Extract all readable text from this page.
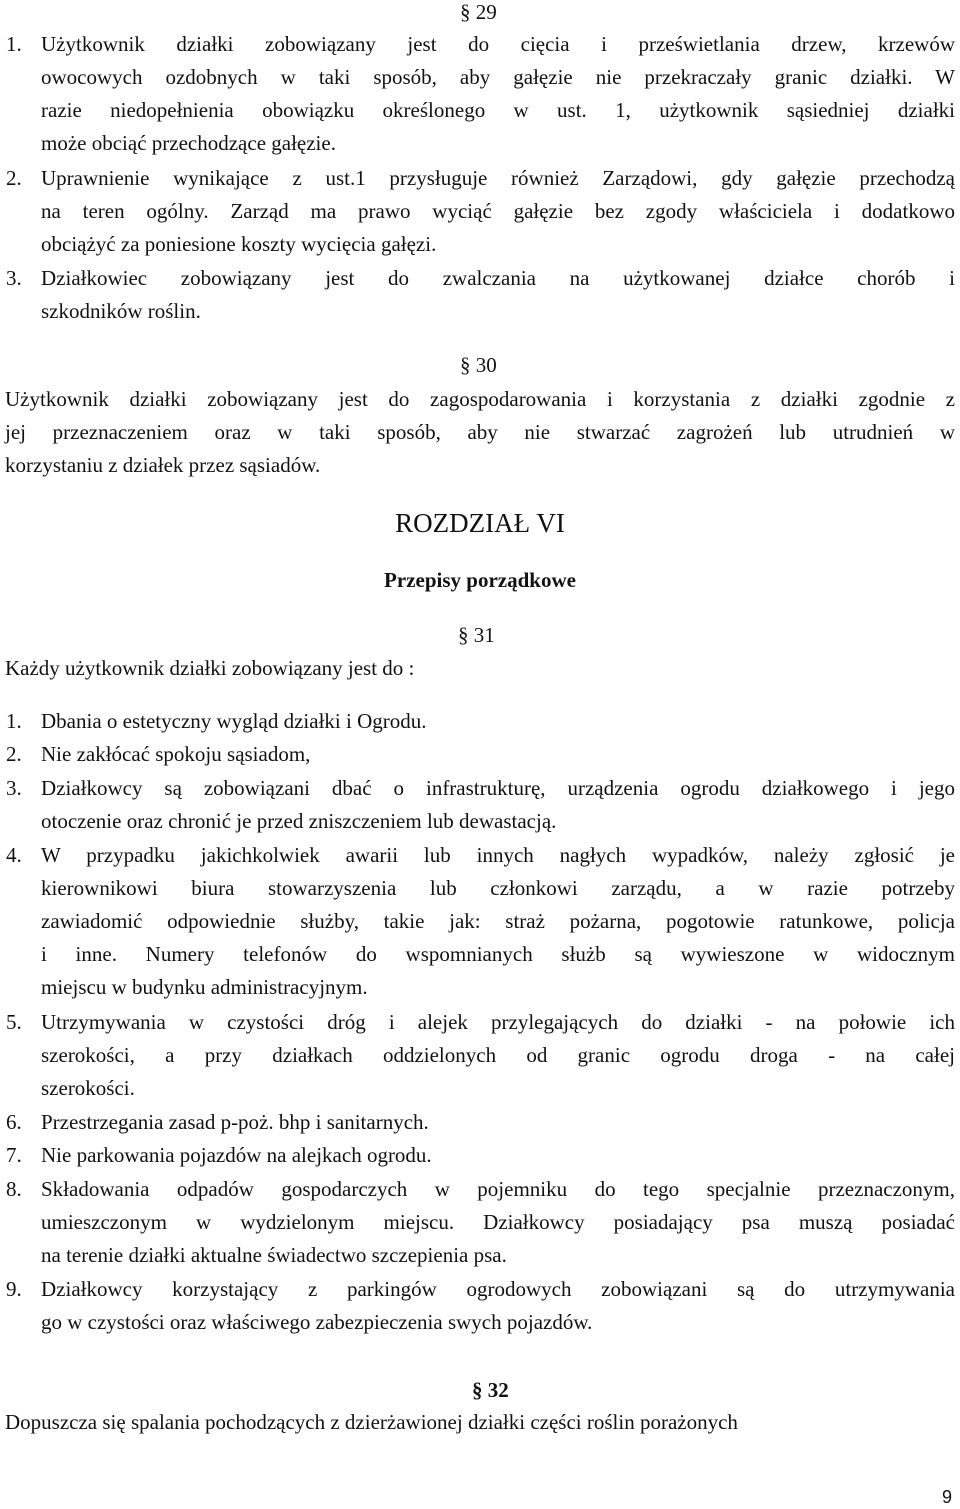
§ 29
1. Użytkownik działki zobowiązany jest do cięcia i prześwietlania drzew, krzewów
owocowych ozdobnych w taki sposób, aby gałęzie nie przekraczały granic działki. W
razie niedopełnienia obowiązku określonego w ust. 1, użytkownik sąsiedniej działki
może obciąć przechodzące gałęzie.
2. Uprawnienie wynikające z ust.1 przysługuje również Zarządowi, gdy gałęzie przechodzą
na teren ogólny. Zarząd ma prawo wyciąć gałęzie bez zgody właściciela i dodatkowo
obciążyć za poniesione koszty wycięcia gałęzi.
3. Działkowiec zobowiązany jest do zwalczania na użytkowanej działce chorób i
szkodników roślin.
§ 30
Użytkownik działki zobowiązany jest do zagospodarowania i korzystania z działki zgodnie z
jej przeznaczeniem oraz w taki sposób, aby nie stwarzać zagrożeń lub utrudnień w
korzystaniu z działek przez sąsiadów.
ROZDZIAŁ VI
Przepisy porządkowe
§ 31
Każdy użytkownik działki zobowiązany jest do :
1. Dbania o estetyczny wygląd działki i Ogrodu.
2. Nie zakłócać spokoju sąsiadom,
3. Działkowcy są zobowiązani dbać o infrastrukturę, urządzenia ogrodu działkowego i jego
otoczenie oraz chronić je przed zniszczeniem lub dewastacją.
4. W przypadku jakichkolwiek awarii lub innych nagłych wypadków, należy zgłosić je
kierownikowi biura stowarzyszenia lub członkowi zarządu, a w razie potrzeby
zawiadomić odpowiednie służby, takie jak: straż pożarna, pogotowie ratunkowe, policja
i inne. Numery telefonów do wspomnianych służb są wywieszone w widocznym
miejscu w budynku administracyjnym.
5. Utrzymywania w czystości dróg i alejek przylegających do działki - na połowie ich
szerokości, a przy działkach oddzielonych od granic ogrodu droga - na całej
szerokości.
6. Przestrzegania zasad p-poż. bhp i sanitarnych.
7. Nie parkowania pojazdów na alejkach ogrodu.
8. Składowania odpadów gospodarczych w pojemniku do tego specjalnie przeznaczonym,
umieszczonym w wydzielonym miejscu. Działkowcy posiadający psa muszą posiadać
na terenie działki aktualne świadectwo szczepienia psa.
9. Działkowcy korzystający z parkingów ogrodowych zobowiązani są do utrzymywania
go w czystości oraz właściwego zabezpieczenia swych pojazdów.
§ 32
Dopuszcza się spalania pochodzących z dzierżawionej działki części roślin porażonych
9
